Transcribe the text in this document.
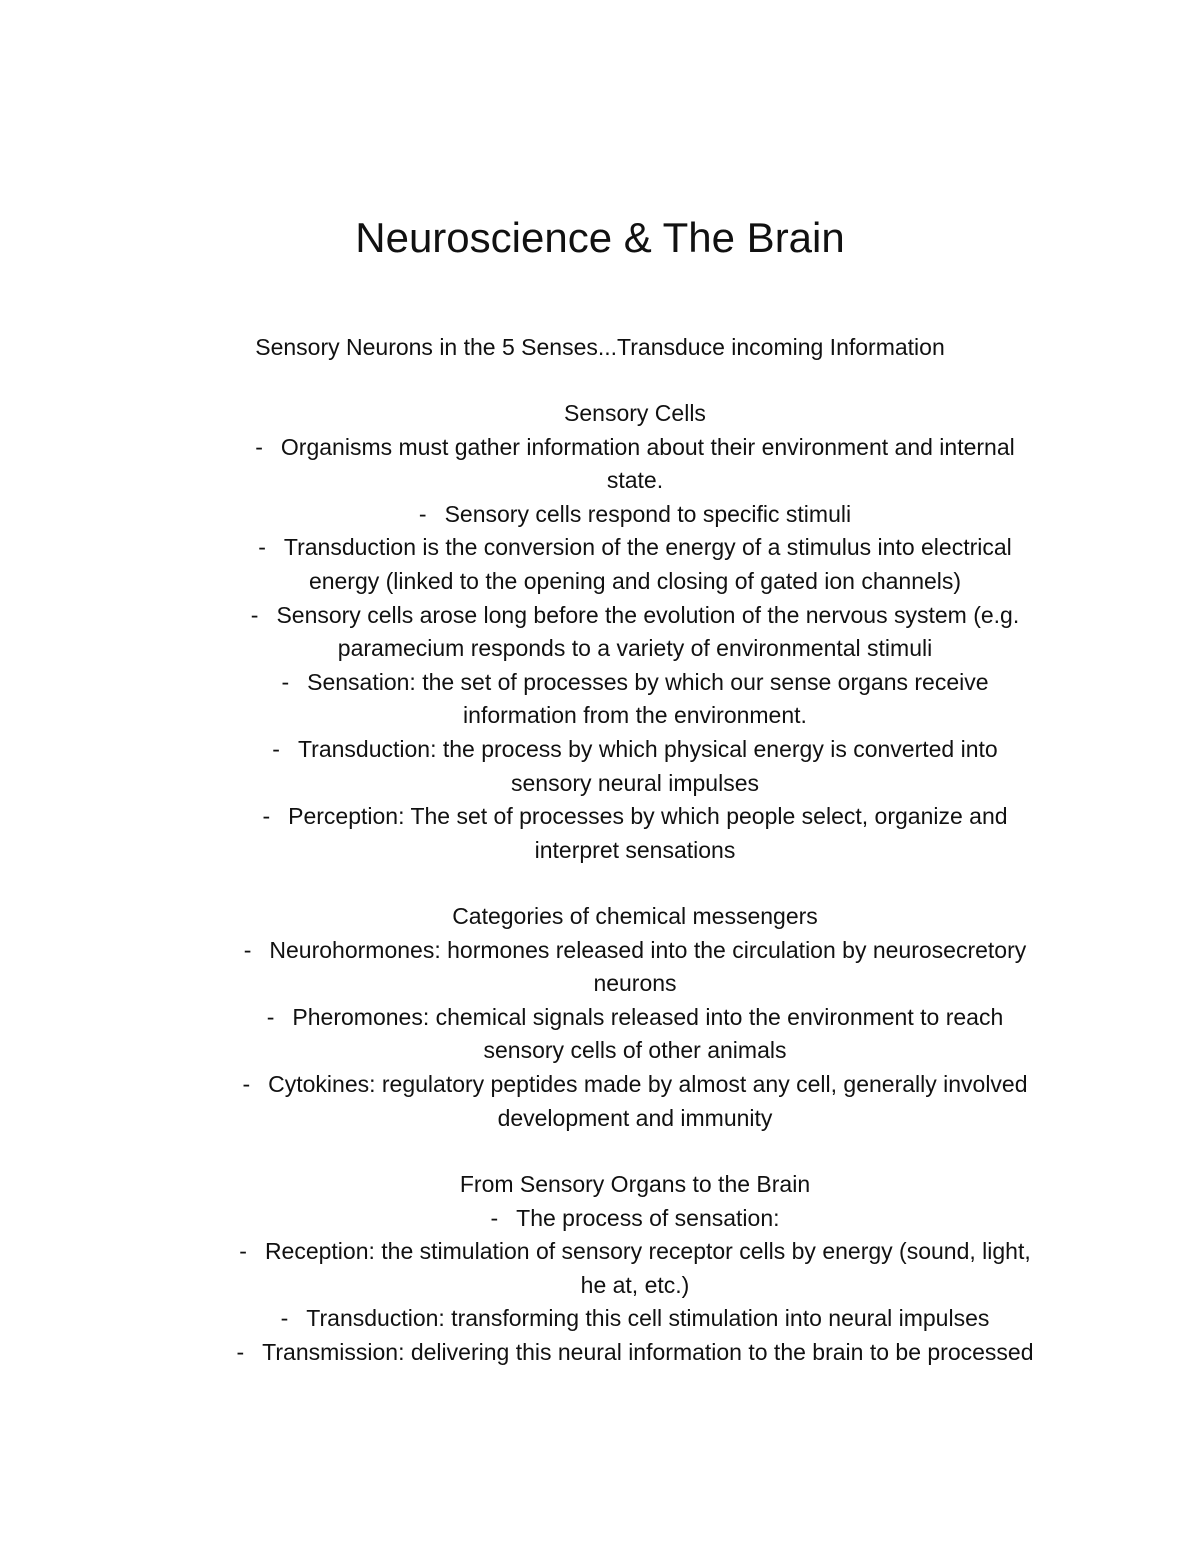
Neuroscience & The Brain

Sensory Neurons in the 5 Senses...Transduce incoming Information

Sensory Cells

- Organisms must gather information about their environment and internal state.

- Sensory cells respond to specific stimuli

- Transduction is the conversion of the energy of a stimulus into electrical energy (linked to the opening and closing of gated ion channels)

- Sensory cells arose long before the evolution of the nervous system (e.g. paramecium responds to a variety of environmental stimuli

- Sensation: the set of processes by which our sense organs receive information from the environment.

- Transduction: the process by which physical energy is converted into sensory neural impulses

- Perception: The set of processes by which people select, organize and interpret sensations

Categories of chemical messengers

- Neurohormones: hormones released into the circulation by neurosecretory neurons

- Pheromones: chemical signals released into the environment to reach sensory cells of other animals

- Cytokines: regulatory peptides made by almost any cell, generally involved development and immunity

From Sensory Organs to the Brain

- The process of sensation:

- Reception: the stimulation of sensory receptor cells by energy (sound, light, he at, etc.)

- Transduction: transforming this cell stimulation into neural impulses

- Transmission: delivering this neural information to the brain to be processed
